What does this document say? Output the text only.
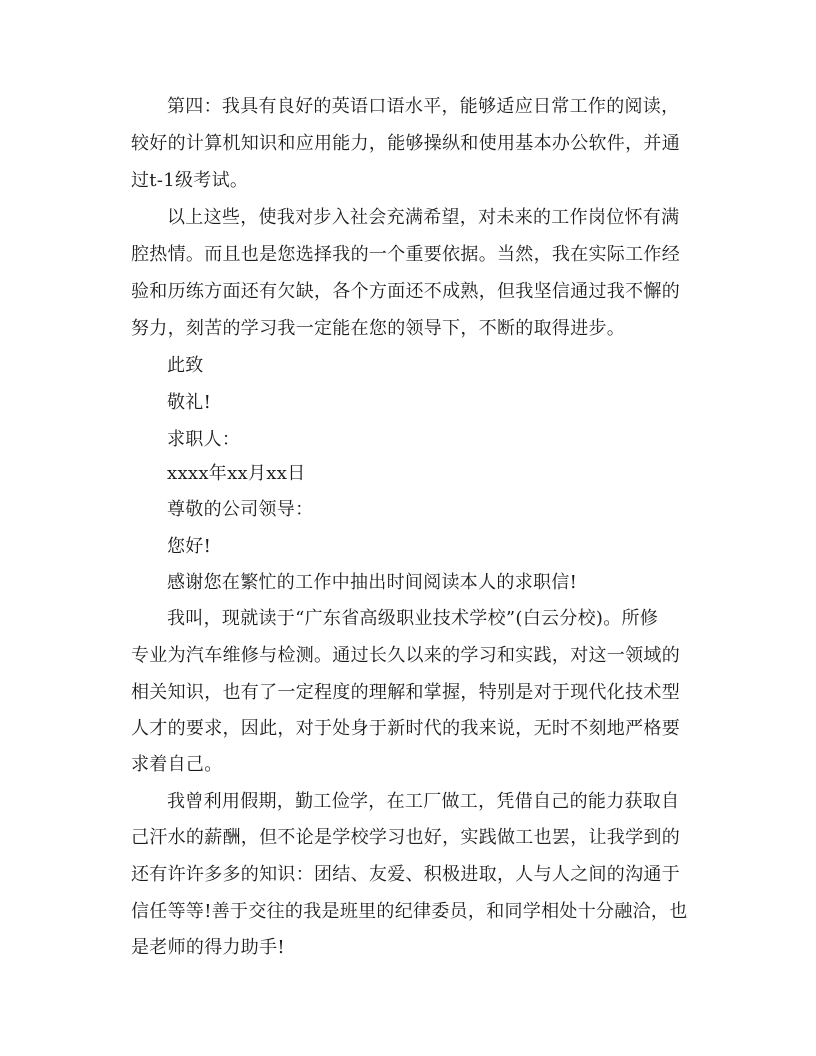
第四：我具有良好的英语口语水平，能够适应日常工作的阅读，
较好的计算机知识和应用能力，能够操纵和使用基本办公软件，并通
过t-1级考试。
以上这些，使我对步入社会充满希望，对未来的工作岗位怀有满
腔热情。而且也是您选择我的一个重要依据。当然，我在实际工作经
验和历练方面还有欠缺，各个方面还不成熟，但我坚信通过我不懈的
努力，刻苦的学习我一定能在您的领导下，不断的取得进步。
此致
敬礼!
求职人：
xxxx年xx月xx日
尊敬的公司领导：
您好!
感谢您在繁忙的工作中抽出时间阅读本人的求职信!
我叫，现就读于“广东省高级职业技术学校”(白云分校)。所修
专业为汽车维修与检测。通过长久以来的学习和实践，对这一领域的
相关知识，也有了一定程度的理解和掌握，特别是对于现代化技术型
人才的要求，因此，对于处身于新时代的我来说，无时不刻地严格要
求着自己。
我曾利用假期，勤工俭学，在工厂做工，凭借自己的能力获取自
己汗水的薪酬，但不论是学校学习也好，实践做工也罢，让我学到的
还有许许多多的知识：团结、友爱、积极进取，人与人之间的沟通于
信任等等!善于交往的我是班里的纪律委员，和同学相处十分融洽，也
是老师的得力助手!
